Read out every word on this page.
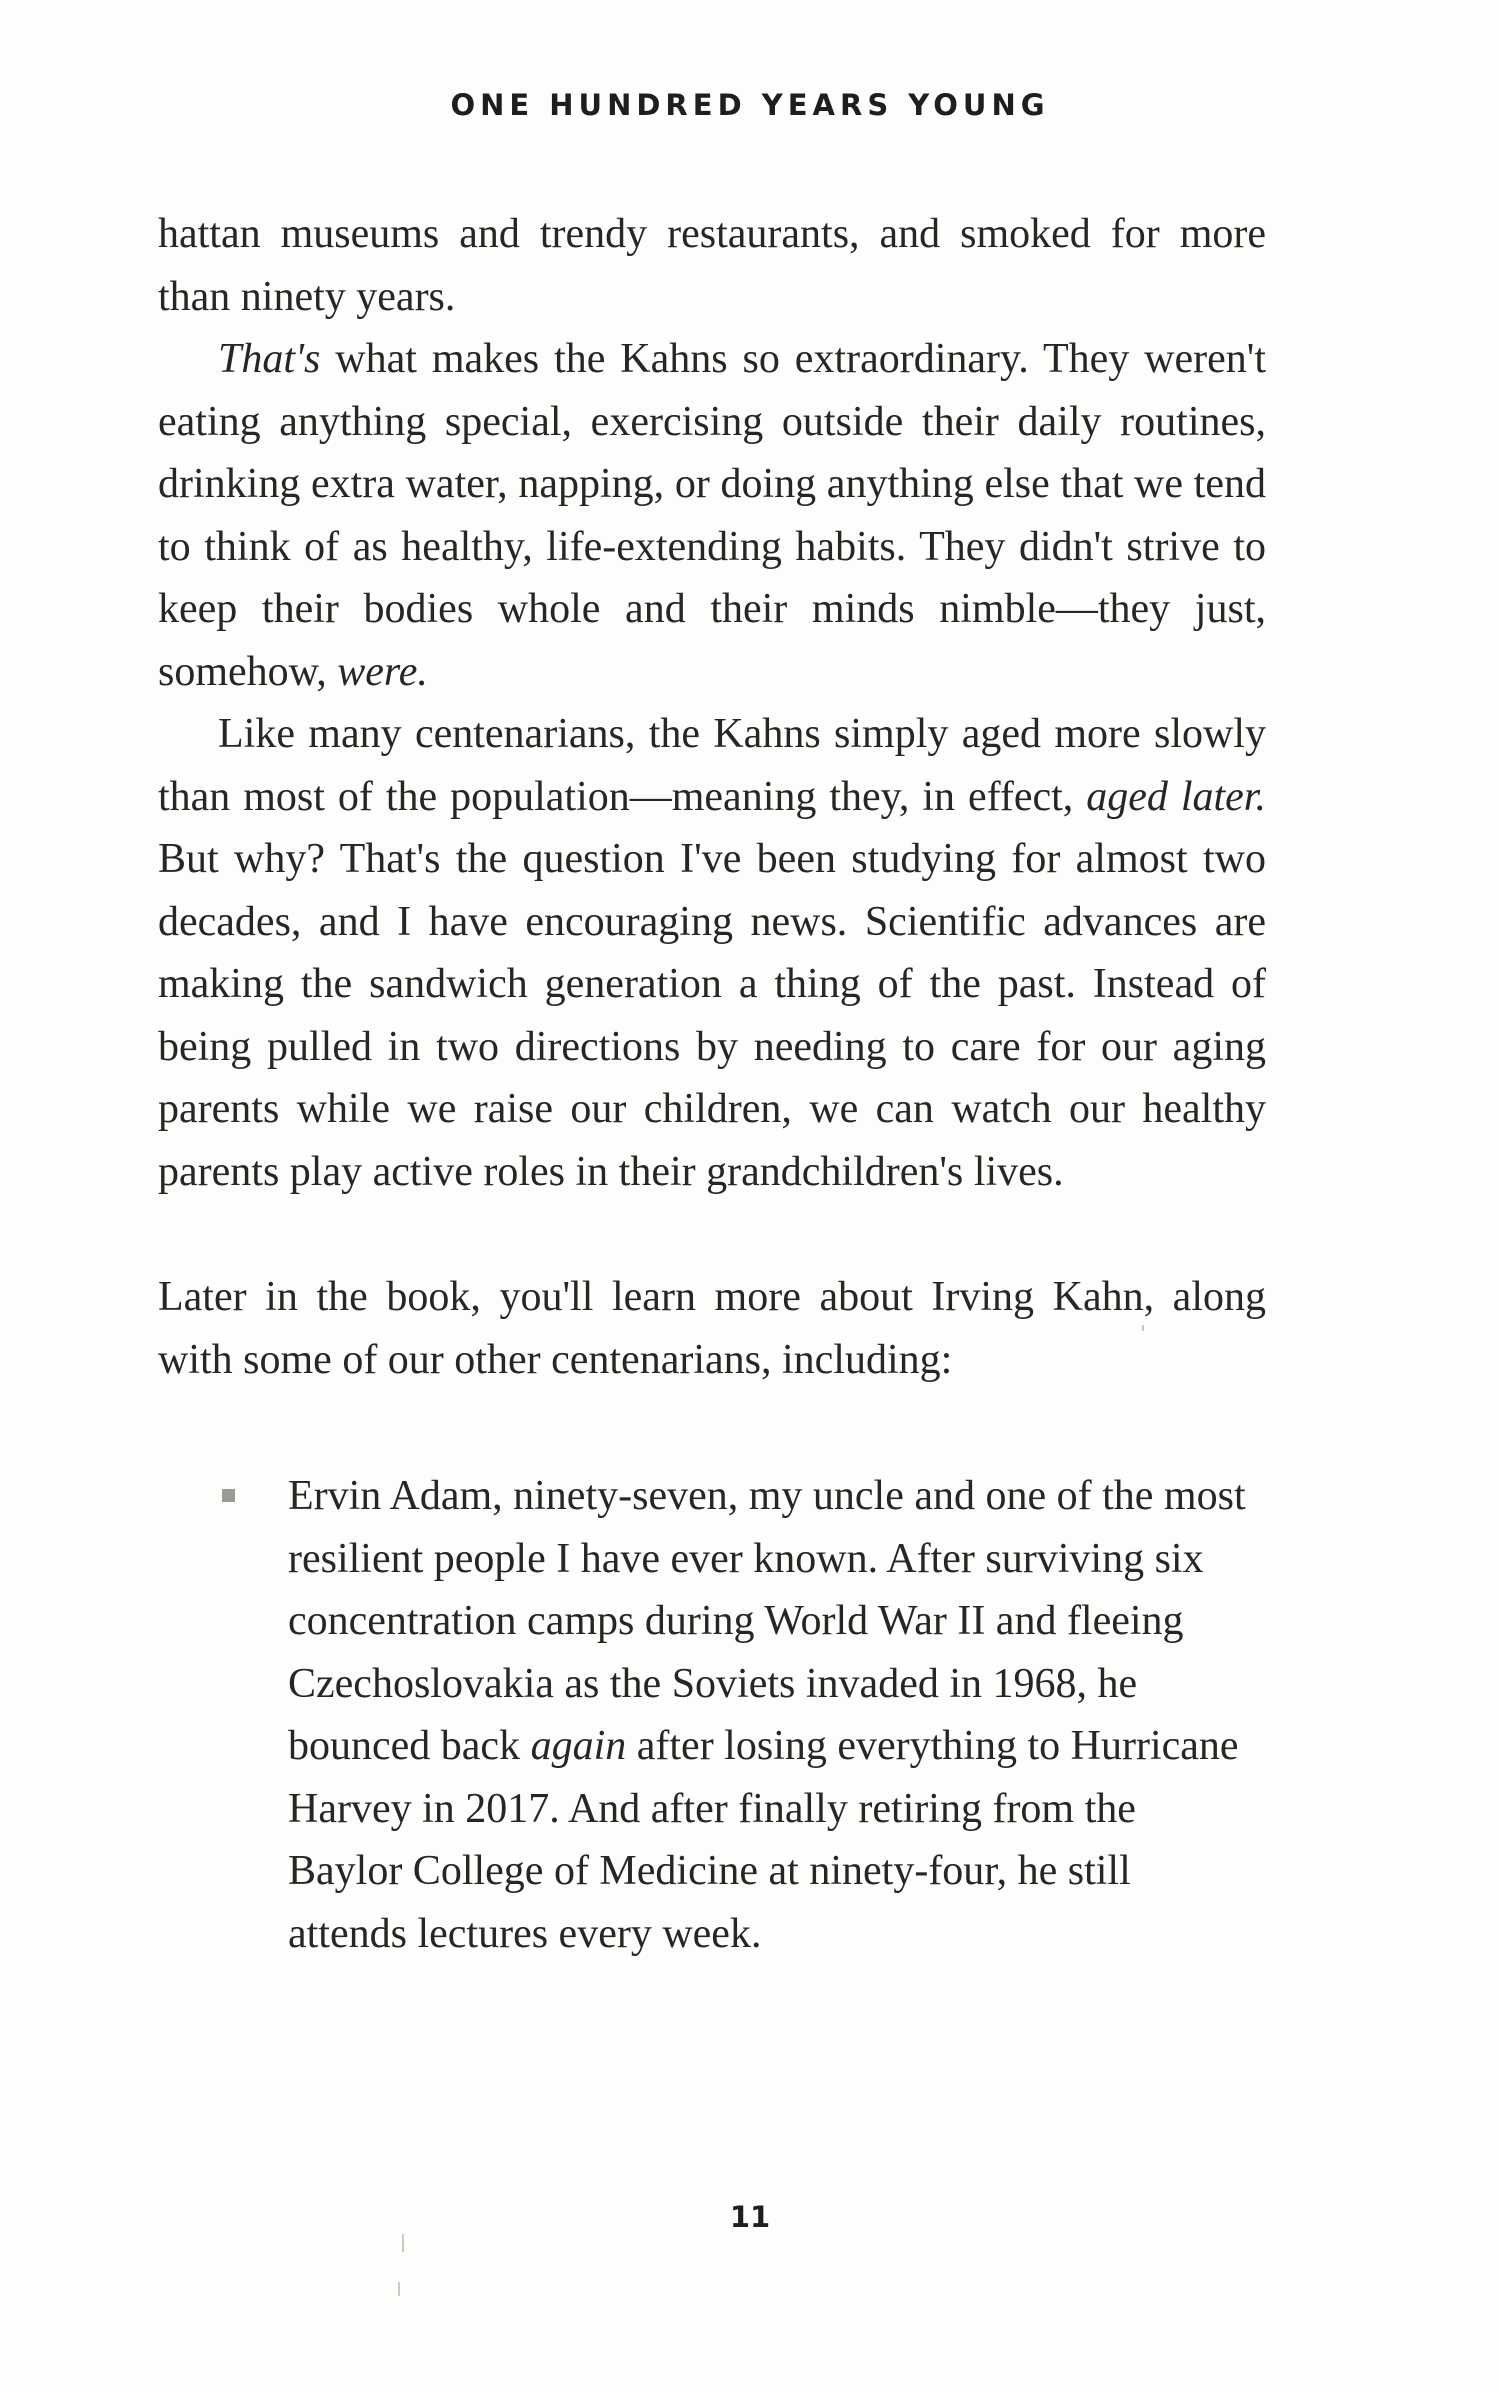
ONE HUNDRED YEARS YOUNG

hattan museums and trendy restaurants, and smoked for more than ninety years.

That's what makes the Kahns so extraordinary. They weren't eating anything special, exercising outside their daily routines, drinking extra water, napping, or doing anything else that we tend to think of as healthy, life-extending habits. They didn't strive to keep their bodies whole and their minds nimble—they just, somehow, were.

Like many centenarians, the Kahns simply aged more slowly than most of the population—meaning they, in effect, aged later. But why? That's the question I've been studying for almost two decades, and I have encouraging news. Scientific advances are making the sandwich generation a thing of the past. Instead of being pulled in two directions by needing to care for our aging parents while we raise our children, we can watch our healthy parents play active roles in their grandchildren's lives.

Later in the book, you'll learn more about Irving Kahn, along with some of our other centenarians, including:

Ervin Adam, ninety-seven, my uncle and one of the most resilient people I have ever known. After surviving six concentration camps during World War II and fleeing Czechoslovakia as the Soviets invaded in 1968, he bounced back again after losing everything to Hurricane Harvey in 2017. And after finally retiring from the Baylor College of Medicine at ninety-four, he still attends lectures every week.
11
